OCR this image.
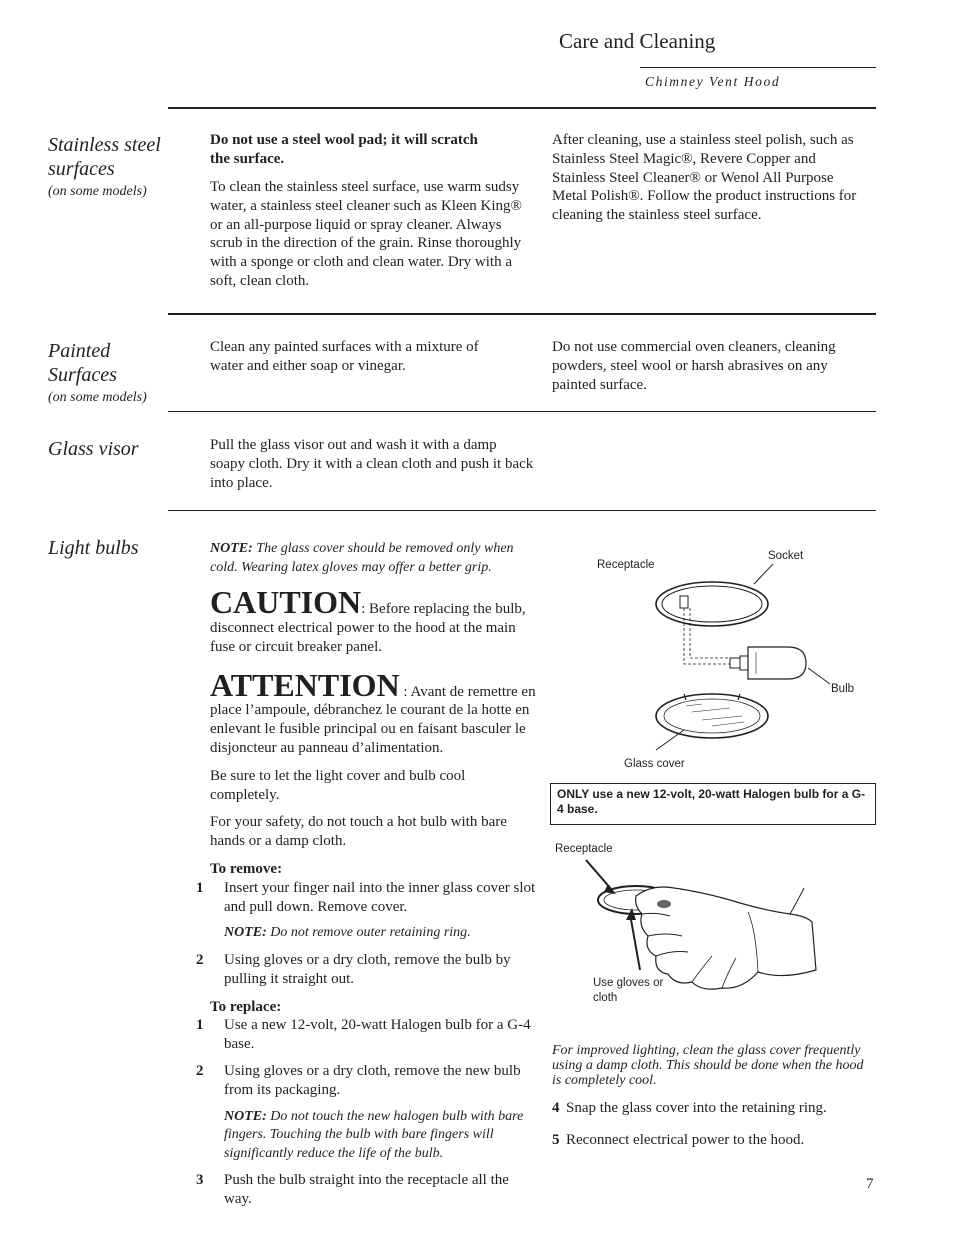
Care and Cleaning
Chimney Vent Hood
Stainless steel surfaces
(on some models)
Do not use a steel wool pad; it will scratch the surface.
To clean the stainless steel surface, use warm sudsy water, a stainless steel cleaner such as Kleen King® or an all-purpose liquid or spray cleaner. Always scrub in the direction of the grain. Rinse thoroughly with a sponge or cloth and clean water. Dry with a soft, clean cloth.
After cleaning, use a stainless steel polish, such as Stainless Steel Magic®, Revere Copper and Stainless Steel Cleaner® or Wenol All Purpose Metal Polish®. Follow the product instructions for cleaning the stainless steel surface.
Painted Surfaces
(on some models)
Clean any painted surfaces with a mixture of water and either soap or vinegar.
Do not use commercial oven cleaners, cleaning powders, steel wool or harsh abrasives on any painted surface.
Glass visor	Pull the glass visor out and wash it with a damp soapy cloth. Dry it with a clean cloth and push it back into place.
Light bulbs	NOTE: The glass cover should be removed only when cold. Wearing latex gloves may offer a better grip.
CAUTION: Before replacing the bulb, disconnect electrical power to the hood at the main fuse or circuit breaker panel.
ATTENTION : Avant de remettre en place l’ampoule, débranchez le courant de la hotte en enlevant le fusible principal ou en faisant basculer le disjoncteur au panneau d’alimentation.
Be sure to let the light cover and bulb cool completely.
For your safety, do not touch a hot bulb with bare hands or a damp cloth.
To remove:
1 Insert your finger nail into the inner glass cover slot and pull down. Remove cover.
NOTE: Do not remove outer retaining ring.
2 Using gloves or a dry cloth, remove the bulb by pulling it straight out.
To replace:
1 Use a new 12-volt, 20-watt Halogen bulb for a G-4 base.
2 Using gloves or a dry cloth, remove the new bulb from its packaging.
NOTE: Do not touch the new halogen bulb with bare fingers. Touching the bulb with bare fingers will significantly reduce the life of the bulb.
3 Push the bulb straight into the receptacle all the way.
Socket
Receptacle
Bulb
Glass cover
ONLY use a new 12-volt, 20-watt Halogen bulb for a G-4 base.
Receptacle
Use gloves or cloth
For improved lighting, clean the glass cover frequently using a damp cloth. This should be done when the hood is completely cool.
4 Snap the glass cover into the retaining ring.
5 Reconnect electrical power to the hood.
7
